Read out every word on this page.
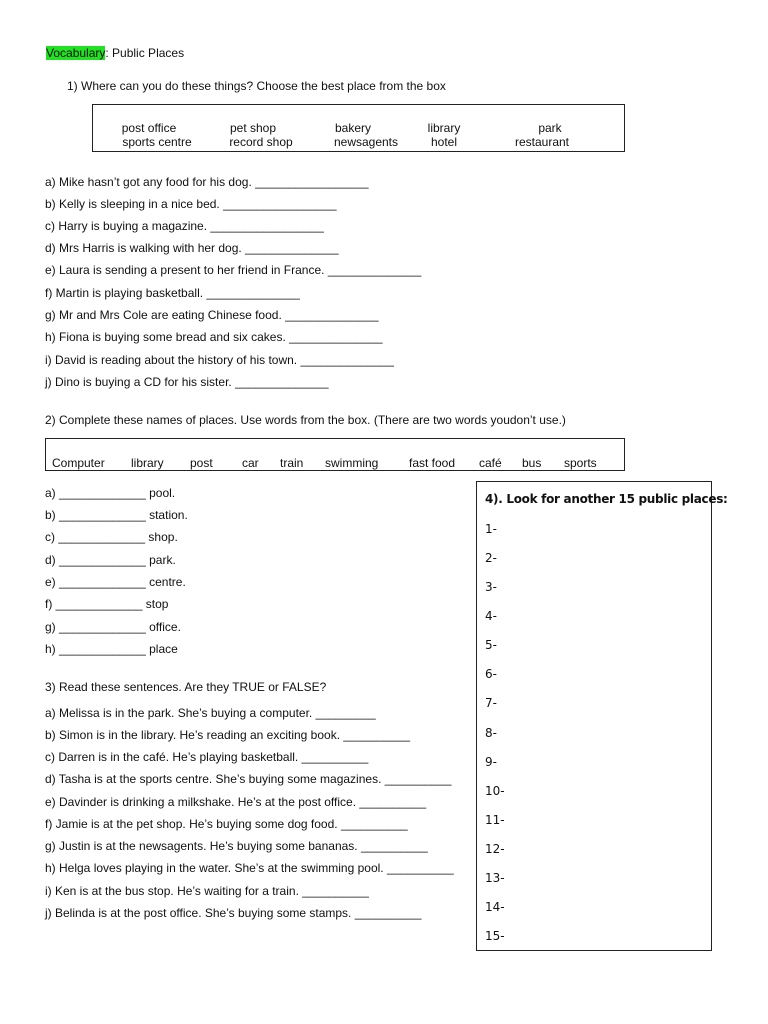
Vocabulary: Public Places
1) Where can you do these things? Choose the best place from the box
post office	pet shop	bakery	library	park
sports centre	record shop	newsagents	hotel	restaurant
a) Mike hasn’t got any food for his dog. _________________
b) Kelly is sleeping in a nice bed. _________________
c) Harry is buying a magazine. _________________
d) Mrs Harris is walking with her dog. ______________
e) Laura is sending a present to her friend in France. ______________
f) Martin is playing basketball. ______________
g) Mr and Mrs Cole are eating Chinese food. ______________
h) Fiona is buying some bread and six cakes. ______________
i) David is reading about the history of his town. ______________
j) Dino is buying a CD for his sister. ______________
2) Complete these names of places. Use words from the box. (There are two words youdon’t use.)
Computer library post car train swimming	fast food café bus sports
a) _____________ pool.
b) _____________ station.
c) _____________ shop.
d) _____________ park.
e) _____________ centre.
f) _____________ stop
g) _____________ office.
h) _____________ place
3) Read these sentences. Are they TRUE or FALSE?
a) Melissa is in the park. She’s buying a computer. _________
b) Simon is in the library. He’s reading an exciting book. __________
c) Darren is in the café. He’s playing basketball. __________
d) Tasha is at the sports centre. She’s buying some magazines. __________
e) Davinder is drinking a milkshake. He’s at the post office. __________
f) Jamie is at the pet shop. He’s buying some dog food. __________
g) Justin is at the newsagents. He’s buying some bananas. __________
h) Helga loves playing in the water. She’s at the swimming pool. __________
i) Ken is at the bus stop. He’s waiting for a train. __________
j) Belinda is at the post office. She’s buying some stamps. __________
4). Look for another 15 public places:
1-
2-
3-
4-
5-
6-
7-
8-
9-
10-
11-
12-
13-
14-
15-
